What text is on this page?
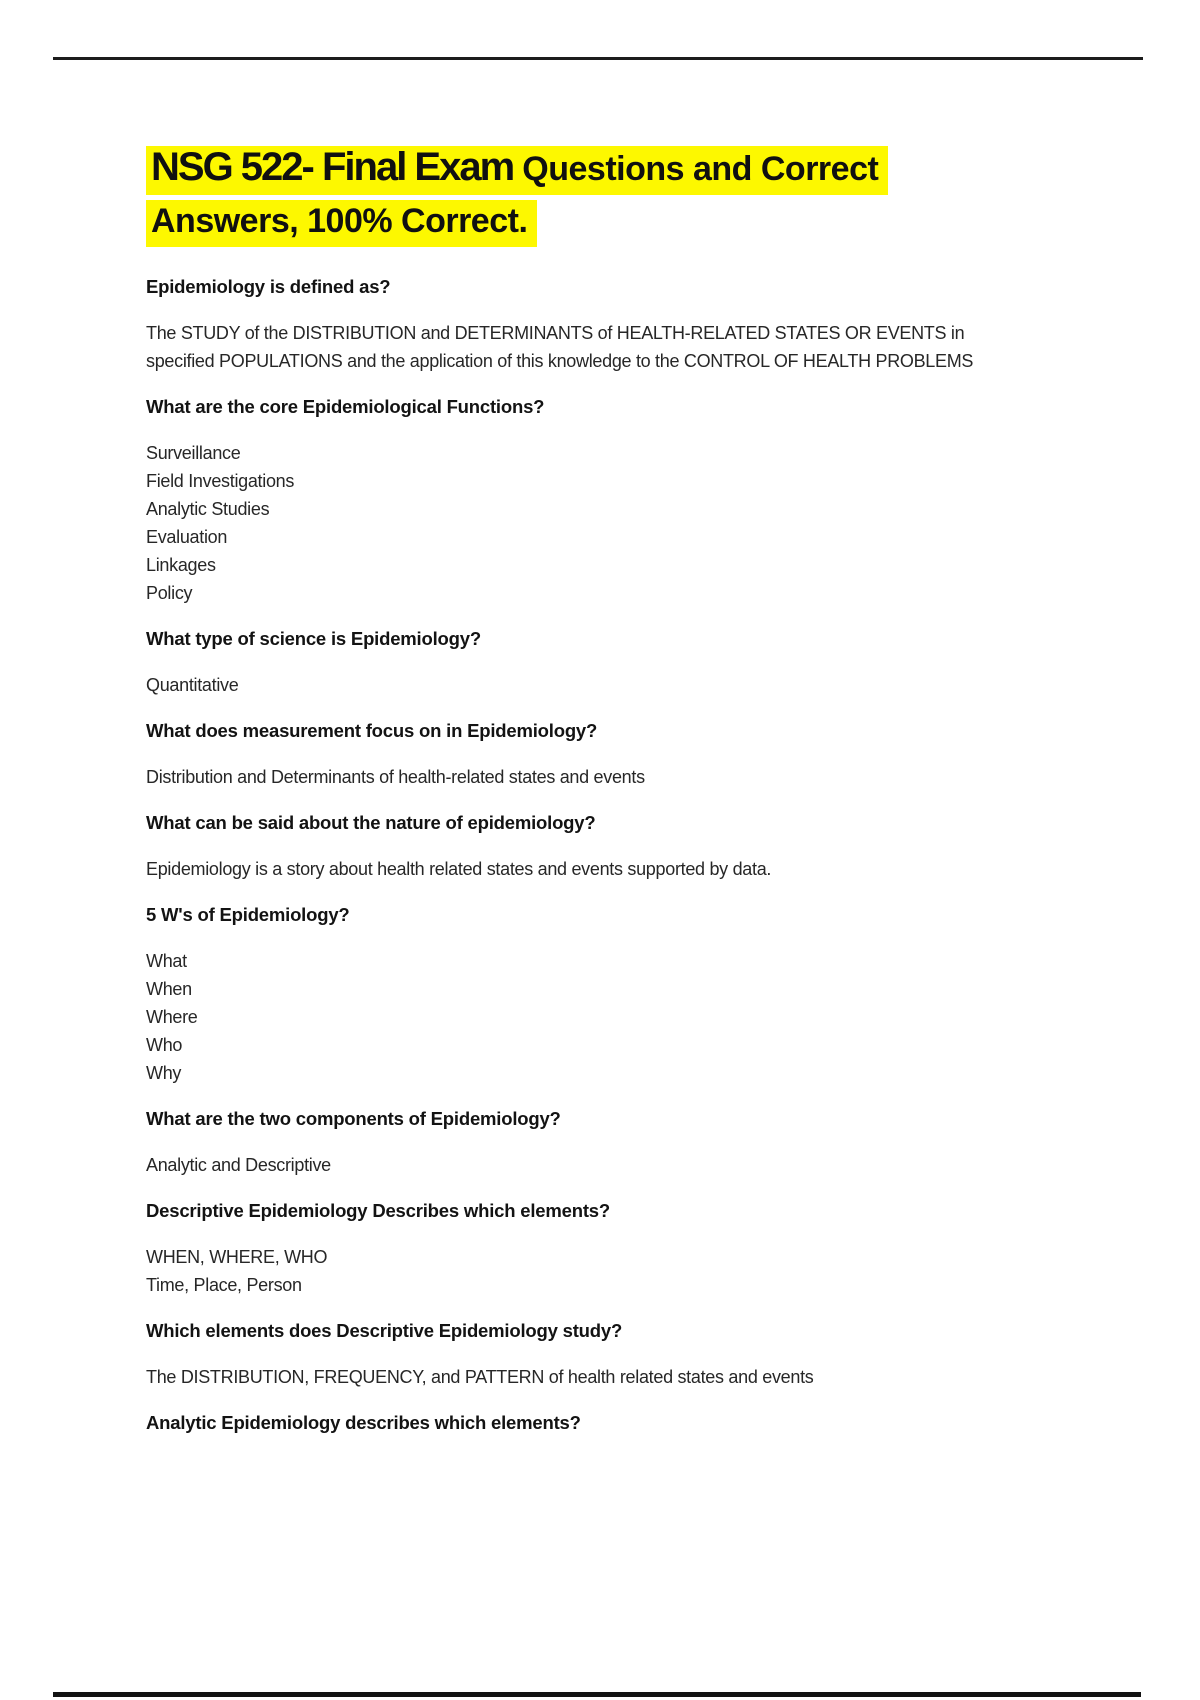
NSG 522- Final Exam Questions and Correct
Answers, 100% Correct.
Epidemiology is defined as?
The STUDY of the DISTRIBUTION and DETERMINANTS of HEALTH-RELATED STATES OR EVENTS in
specified POPULATIONS and the application of this knowledge to the CONTROL OF HEALTH PROBLEMS
What are the core Epidemiological Functions?
Surveillance
Field Investigations
Analytic Studies
Evaluation
Linkages
Policy
What type of science is Epidemiology?
Quantitative
What does measurement focus on in Epidemiology?
Distribution and Determinants of health-related states and events
What can be said about the nature of epidemiology?
Epidemiology is a story about health related states and events supported by data.
5 W's of Epidemiology?
What
When
Where
Who
Why
What are the two components of Epidemiology?
Analytic and Descriptive
Descriptive Epidemiology Describes which elements?
WHEN, WHERE, WHO
Time, Place, Person
Which elements does Descriptive Epidemiology study?
The DISTRIBUTION, FREQUENCY, and PATTERN of health related states and events
Analytic Epidemiology describes which elements?
